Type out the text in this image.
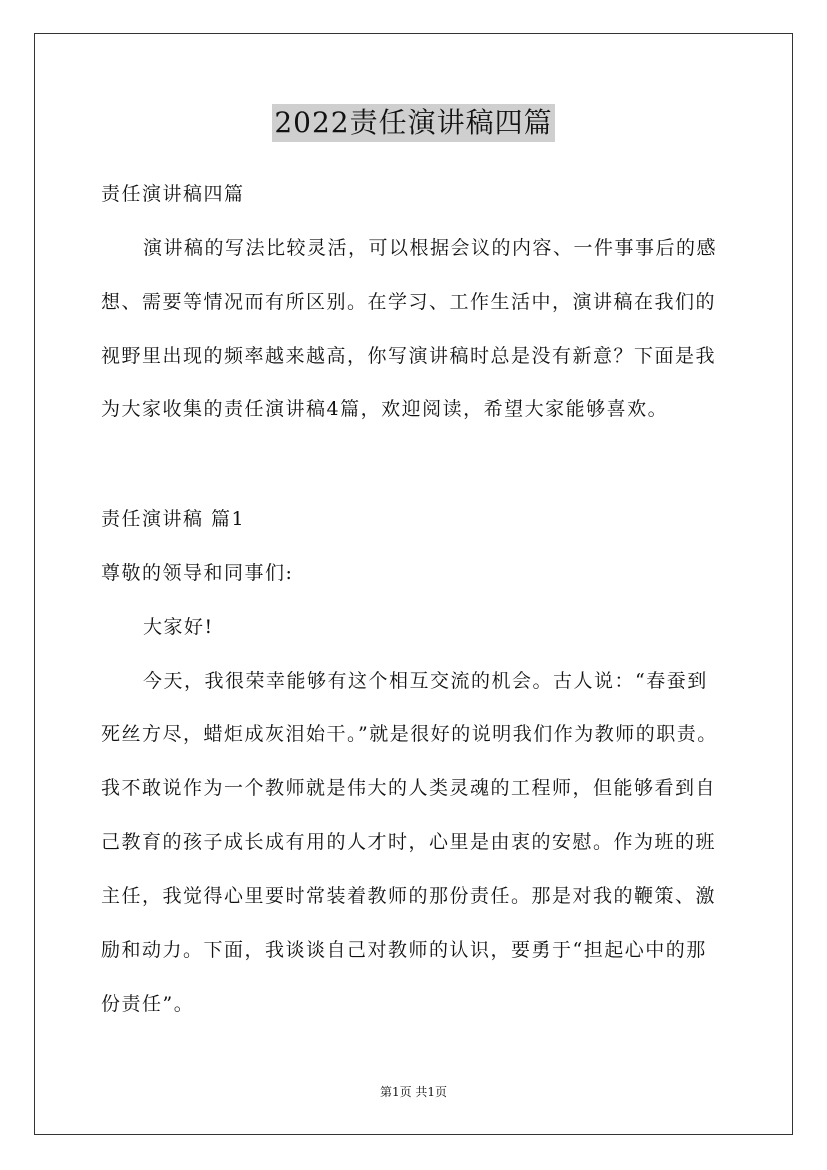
2022责任演讲稿四篇
责任演讲稿四篇
演讲稿的写法比较灵活，可以根据会议的内容、一件事事后的感
想、需要等情况而有所区别。在学习、工作生活中，演讲稿在我们的
视野里出现的频率越来越高，你写演讲稿时总是没有新意？下面是我
为大家收集的责任演讲稿4篇，欢迎阅读，希望大家能够喜欢。
责任演讲稿 篇1
尊敬的领导和同事们:
大家好!
今天，我很荣幸能够有这个相互交流的机会。古人说：“春蚕到
死丝方尽，蜡炬成灰泪始干。”就是很好的说明我们作为教师的职责。
我不敢说作为一个教师就是伟大的人类灵魂的工程师，但能够看到自
己教育的孩子成长成有用的人才时，心里是由衷的安慰。作为班的班
主任，我觉得心里要时常装着教师的那份责任。那是对我的鞭策、激
励和动力。下面，我谈谈自己对教师的认识，要勇于“担起心中的那
份责任”。
第1页 共1页
